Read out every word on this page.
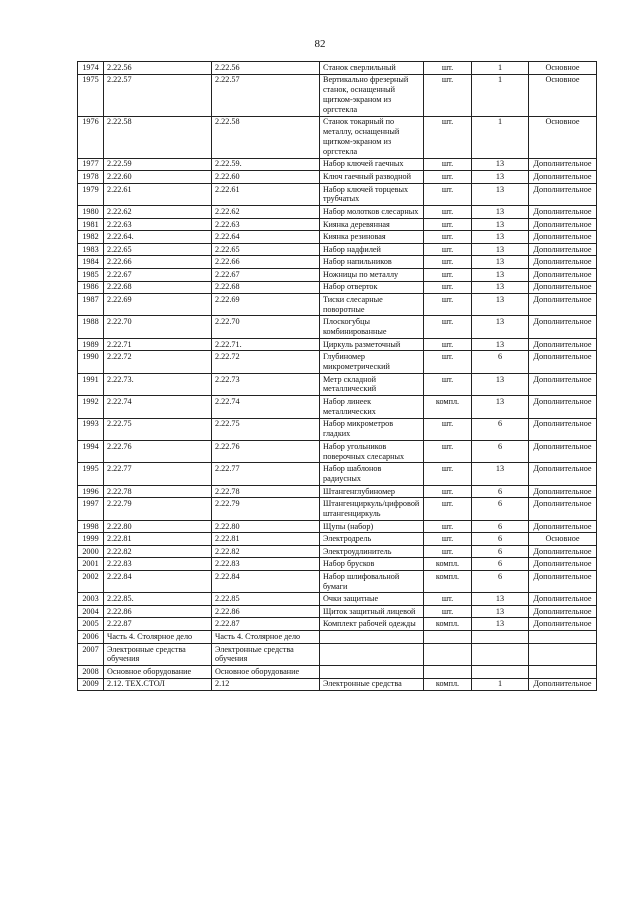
82
1974	2.22.56	2.22.56	Станок сверлильный	шт.	1	Основное
1975	2.22.57	2.22.57	Вертикально фрезерный станок, оснащенный щитком-экраном из оргстекла	шт.	1	Основное
1976	2.22.58	2.22.58	Станок токарный по металлу, оснащенный щитком-экраном из оргстекла	шт.	1	Основное
1977	2.22.59	2.22.59.	Набор ключей гаечных	шт.	13	Дополнительное
1978	2.22.60	2.22.60	Ключ гаечный разводной	шт.	13	Дополнительное
1979	2.22.61	2.22.61	Набор ключей торцевых трубчатых	шт.	13	Дополнительное
1980	2.22.62	2.22.62	Набор молотков слесарных	шт.	13	Дополнительное
1981	2.22.63	2.22.63	Киянка деревянная	шт.	13	Дополнительное
1982	2.22.64.	2.22.64	Киянка резиновая	шт.	13	Дополнительное
1983	2.22.65	2.22.65	Набор надфилей	шт.	13	Дополнительное
1984	2.22.66	2.22.66	Набор напильников	шт.	13	Дополнительное
1985	2.22.67	2.22.67	Ножницы по металлу	шт.	13	Дополнительное
1986	2.22.68	2.22.68	Набор отверток	шт.	13	Дополнительное
1987	2.22.69	2.22.69	Тиски слесарные поворотные	шт.	13	Дополнительное
1988	2.22.70	2.22.70	Плоскогубцы комбинированные	шт.	13	Дополнительное
1989	2.22.71	2.22.71.	Циркуль разметочный	шт.	13	Дополнительное
1990	2.22.72	2.22.72	Глубиномер микрометрический	шт.	6	Дополнительное
1991	2.22.73.	2.22.73	Метр складной металлический	шт.	13	Дополнительное
1992	2.22.74	2.22.74	Набор линеек металлических	компл.	13	Дополнительное
1993	2.22.75	2.22.75	Набор микрометров гладких	шт.	6	Дополнительное
1994	2.22.76	2.22.76	Набор угольников поверочных слесарных	шт.	6	Дополнительное
1995	2.22.77	2.22.77	Набор шаблонов радиусных	шт.	13	Дополнительное
1996	2.22.78	2.22.78	Штангенглубиномер	шт.	6	Дополнительное
1997	2.22.79	2.22.79	Штангенциркуль/цифровой штангенциркуль	шт.	6	Дополнительное
1998	2.22.80	2.22.80	Щупы (набор)	шт.	6	Дополнительное
1999	2.22.81	2.22.81	Электродрель	шт.	6	Основное
2000	2.22.82	2.22.82	Электроудлинитель	шт.	6	Дополнительное
2001	2.22.83	2.22.83	Набор брусков	компл.	6	Дополнительное
2002	2.22.84	2.22.84	Набор шлифовальной бумаги	компл.	6	Дополнительное
2003	2.22.85.	2.22.85	Очки защитные	шт.	13	Дополнительное
2004	2.22.86	2.22.86	Щиток защитный лицевой	шт.	13	Дополнительное
2005	2.22.87	2.22.87	Комплект рабочей одежды	компл.	13	Дополнительное
2006	Часть 4. Столярное дело	Часть 4. Столярное дело				
2007	Электронные средства обучения	Электронные средства обучения				
2008	Основное оборудование	Основное оборудование				
2009	2.12. ТЕХ.СТОЛ	2.12	Электронные средства	компл.	1	Дополнительное
